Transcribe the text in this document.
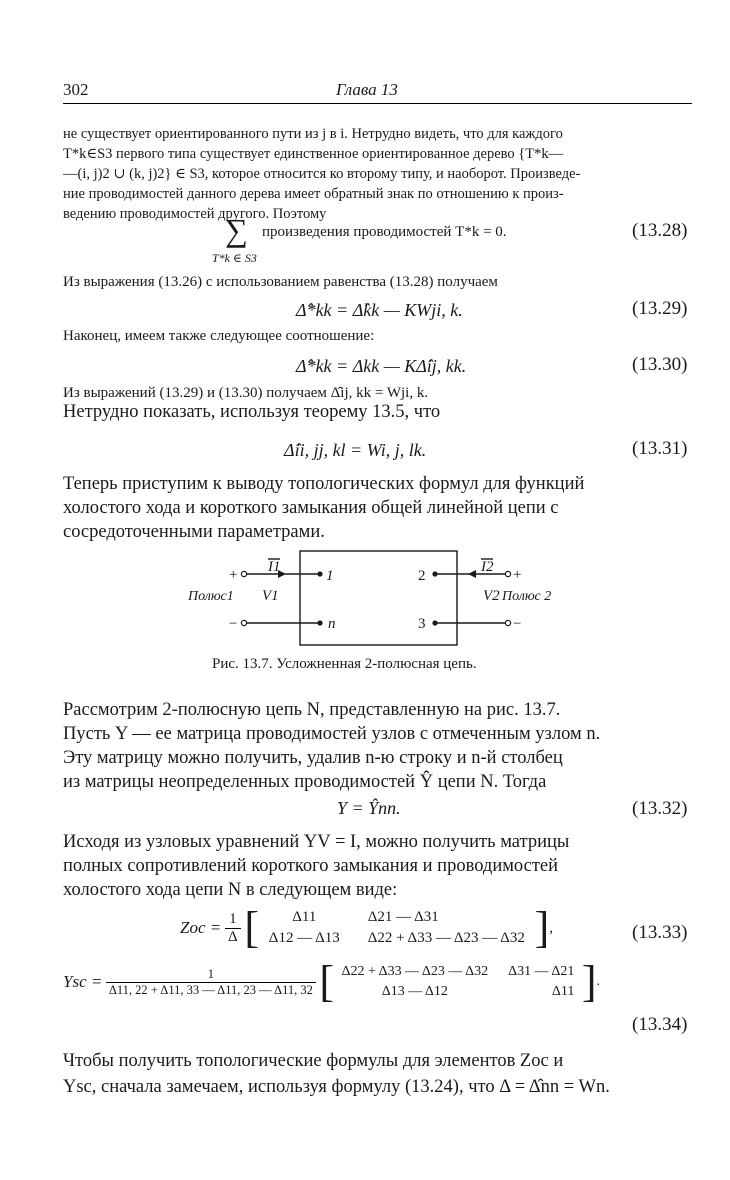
302	Глава 13
не существует ориентированного пути из j в i. Нетрудно видеть, что для каждого
T*k∈S3 первого типа существует единственное ориентированное дерево {T*k—
—(i, j)2 ∪ (k, j)2} ∈ S3, которое относится ко второму типу, и наоборот. Произведе-
ние проводимостей данного дерева имеет обратный знак по отношению к произ-
ведению проводимостей другого. Поэтому
∑
T*k ∈ S3
произведения проводимостей T*k = 0.	(13.28)
Из выражения (13.26) с использованием равенства (13.28) получаем
Δ̂*kk = Δ̂kk — KWji, k.	(13.29)
Наконец, имеем также следующее соотношение:
Δ̂*kk = Δkk — KΔ̂ij, kk.	(13.30)
Из выражений (13.29) и (13.30) получаем Δ̂ij, kk = Wji, k.
Нетрудно показать, используя теорему 13.5, что
Δ̂ii, jj, kl = Wi, j, lk.	(13.31)
Теперь приступим к выводу топологических формул для функций
холостого хода и короткого замыкания общей линейной цепи с
сосредоточенными параметрами.
+
−
+
−
I1	I2
1
n
2
3
Полюс1 V1	V2 Полюс 2
Рис. 13.7. Усложненная 2-полюсная цепь.
Рассмотрим 2-полюсную цепь N, представленную на рис. 13.7.
Пусть Y — ее матрица проводимостей узлов с отмеченным узлом n.
Эту матрицу можно получить, удалив n-ю строку и n-й столбец
из матрицы неопределенных проводимостей Ŷ цепи N. Тогда
Y = Ŷnn.	(13.32)
Исходя из узловых уравнений YV = I, можно получить матрицы
полных сопротивлений короткого замыкания и проводимостей
холостого хода цепи N в следующем виде:
Zoc = $\frac{1}{\Delta}$ [ Δ11	Δ21 — Δ31
Δ12 — Δ13	Δ22 + Δ33 — Δ23 — Δ32 ],	(13.33)
Ysc = $\frac{1}{\Delta 11, 22 + \Delta 11, 33 — \Delta 11, 23 — \Delta 11, 32}$ [ Δ22 + Δ33 — Δ23 — Δ32	Δ31 — Δ21
Δ13 — Δ12	Δ11 ].
(13.34)
Чтобы получить топологические формулы для элементов Zoc и
Ysc, сначала замечаем, используя формулу (13.24), что Δ = Δ̂nn = Wn.
